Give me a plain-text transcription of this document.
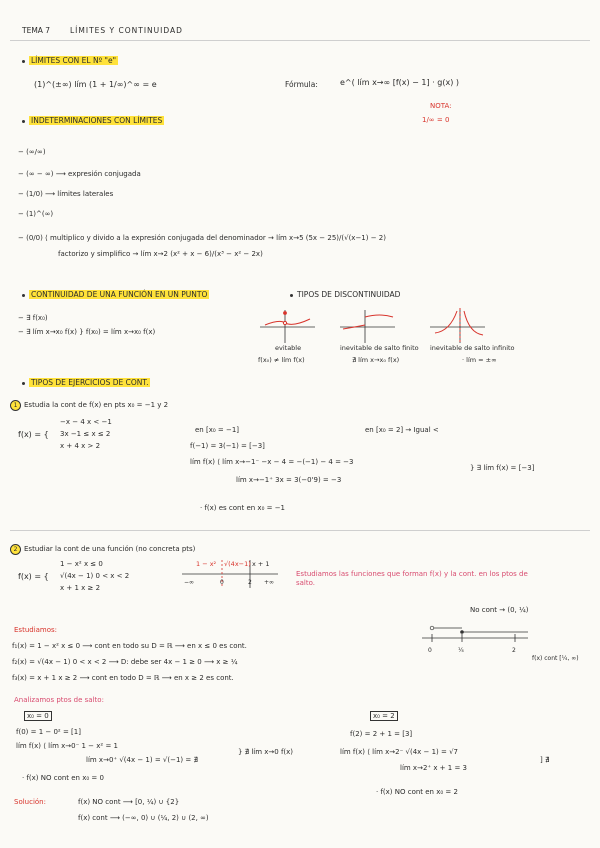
TEMA 7	LÍMITES Y CONTINUIDAD
LÍMITES CON EL Nº "e"
(1)^(±∞) lím (1 + 1/∞)^∞ = e	Fórmula:	e^( lím x→∞ [f(x) − 1] · g(x) )
NOTA:
1/∞ = 0
INDETERMINACIONES CON LÍMITES
− (∞/∞)
− (∞ − ∞) ⟶ expresión conjugada
− (1/0) ⟶ límites laterales
− (1)^(∞)
− (0/0) ⟨ multiplico y divido a la expresión conjugada del denominador → lím x→5 (5x − 25)/(√(x−1) − 2)
factorizo y simplifico → lím x→2 (x² + x − 6)/(x³ − x² − 2x)
CONTINUIDAD DE UNA FUNCIÓN EN UN PUNTO
− ∃ f(x₀)
− ∃ lím x→x₀ f(x) } f(x₀) = lím x→x₀ f(x)
TIPOS DE DISCONTINUIDAD
evitable
f(x₀) ≠ lím f(x)
inevitable de salto finito
∄ lím x→x₀ f(x)
inevitable de salto infinito
· lím = ±∞
TIPOS DE EJERCICIOS DE CONT.
1 Estudia la cont de f(x) en pts x₀ = −1 y 2
f(x) = {
−x − 4 x < −1
3x −1 ≤ x ≤ 2
x + 4 x > 2
en [x₀ = −1]	en [x₀ = 2] → Igual <
f(−1) = 3(−1) = [−3]
lím f(x) ⟨ lím x→−1⁻ −x − 4 = −(−1) − 4 = −3
lím x→−1⁺ 3x = 3(−0'9) = −3
} ∃ lím f(x) = [−3]
· f(x) es cont en x₀ = −1
2 Estudiar la cont de una función (no concreta pts)
f(x) = {
1 − x² x ≤ 0
√(4x − 1) 0 < x < 2
x + 1 x ≥ 2
1 − x² √(4x−1) x + 1
0	2
−∞	+∞
Estudiamos las funciones que forman f(x) y la cont. en los ptos de salto.
No cont → (0, ¼)
Estudiamos:
f₁(x) = 1 − x² x ≤ 0 ⟶ cont en todo su D = ℝ ⟶ en x ≤ 0 es cont.
f₂(x) = √(4x − 1) 0 < x < 2 ⟶ D: debe ser 4x − 1 ≥ 0 ⟶ x ≥ ¼
f₃(x) = x + 1 x ≥ 2 ⟶ cont en todo D = ℝ ⟶ en x ≥ 2 es cont.
0	¼	2
f(x) cont [¼, ∞)
Analizamos ptos de salto:
x₀ = 0
f(0) = 1 − 0² = [1]
lím f(x) ⟨ lím x→0⁻ 1 − x² = 1
lím x→0⁺ √(4x − 1) = √(−1) = ∄
} ∄ lím x→0 f(x)
· f(x) NO cont en x₀ = 0
x₀ = 2
f(2) = 2 + 1 = [3]
lím f(x) ⟨ lím x→2⁻ √(4x − 1) = √7
lím x→2⁺ x + 1 = 3
] ∄
· f(x) NO cont en x₀ = 2
Solución:	f(x) NO cont ⟶ [0, ¼) ∪ {2}
f(x) cont ⟶ (−∞, 0) ∪ (¼, 2) ∪ (2, ∞)
